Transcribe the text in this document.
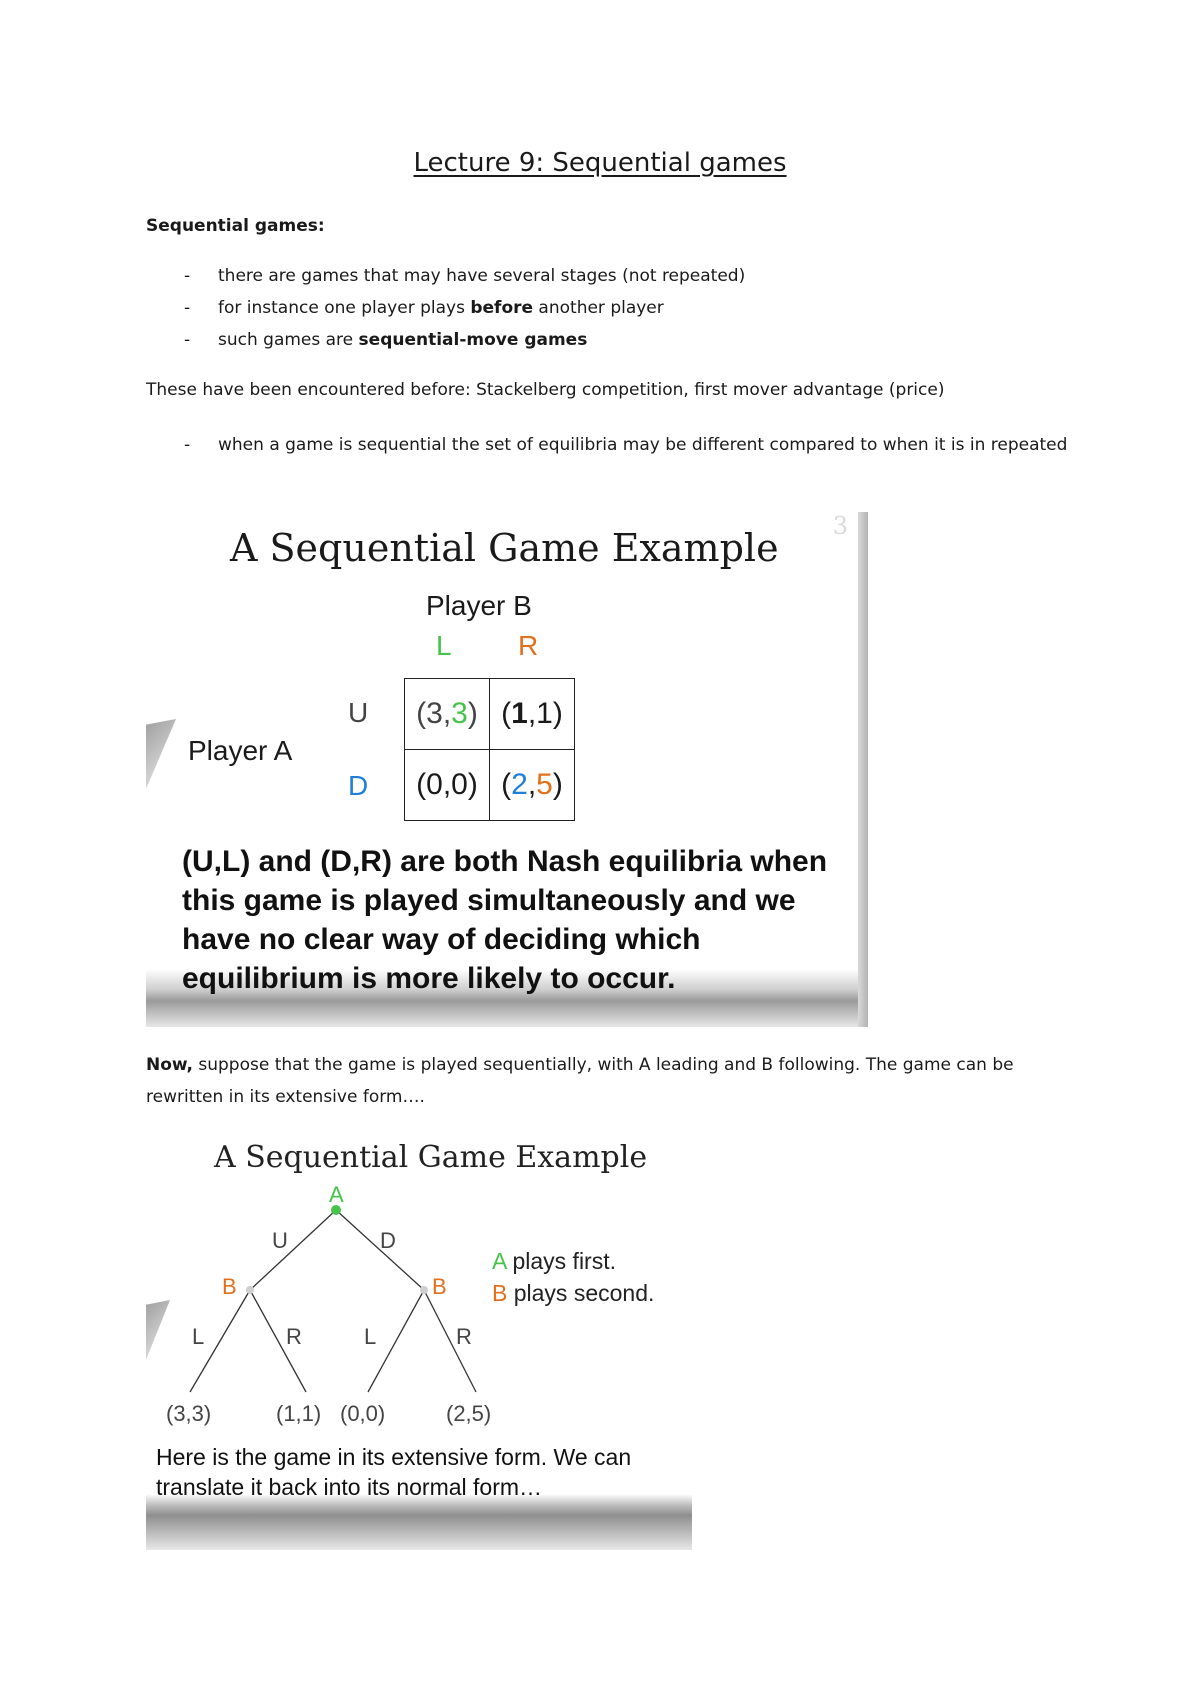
Lecture 9: Sequential games
Sequential games:
- there are games that may have several stages (not repeated)
- for instance one player plays before another player
- such games are sequential-move games

These have been encountered before: Stackelberg competition, first mover advantage (price)

- when a game is sequential the set of equilibria may be different compared to when it is in repeated
3
A Sequential Game Example
Player B
L R
Player A
U
D
(3,3)	(1,1)
(0,0)	(2,5)
(U,L) and (D,R) are both Nash equilibria when this game is played simultaneously and we have no clear way of deciding which equilibrium is more likely to occur.

Now, suppose that the game is played sequentially, with A leading and B following. The game can be rewritten in its extensive form….

A Sequential Game Example
A
U	D
B	B
L	R	L	R
(3,3)	(1,1) (0,0)	(2,5)
A plays first.
B plays second.
Here is the game in its extensive form. We can translate it back into its normal form…
